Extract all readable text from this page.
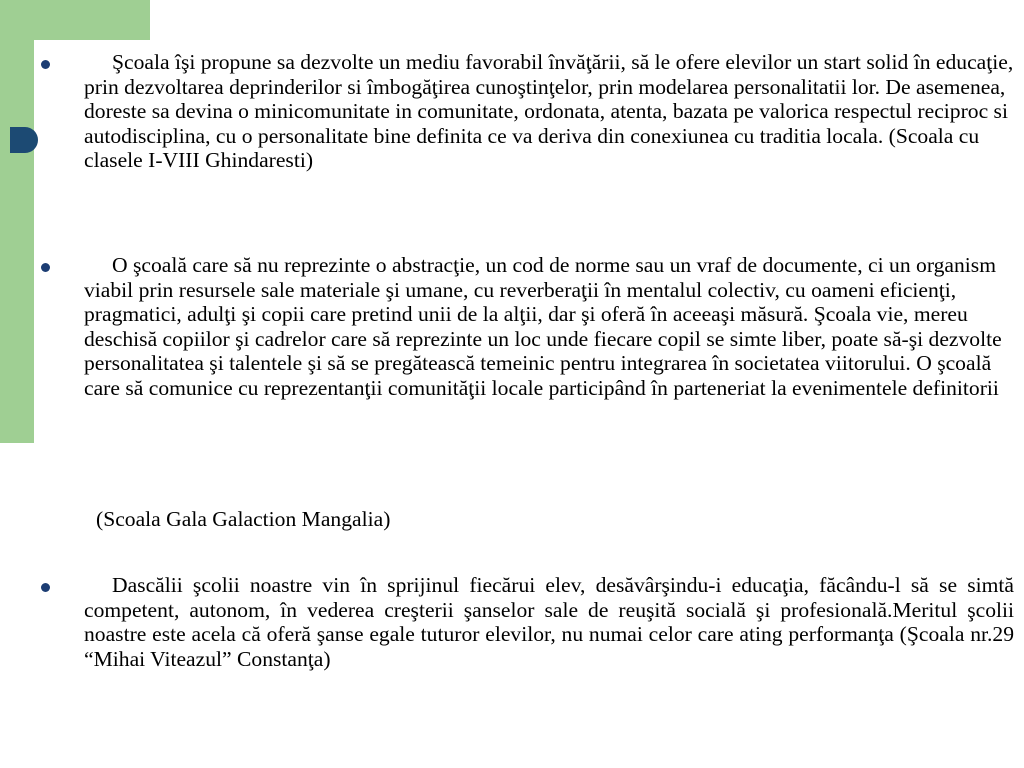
Şcoala îşi propune sa dezvolte un mediu favorabil învăţării, să le ofere elevilor un start solid în educaţie, prin dezvoltarea deprinderilor si îmbogăţirea cunoştinţelor, prin modelarea personalitatii lor. De asemenea, doreste sa devina o minicomunitate in comunitate, ordonata, atenta, bazata pe valorica respectul reciproc si autodisciplina, cu o personalitate bine definita ce va deriva din conexiunea cu traditia locala. (Scoala cu clasele I-VIII Ghindaresti)
O şcoală care să nu reprezinte o abstracţie, un cod de norme sau un vraf de documente, ci un organism viabil prin resursele sale materiale şi umane, cu reverberaţii în mentalul colectiv, cu oameni eficienţi, pragmatici, adulţi şi copii care pretind unii de la alţii, dar şi oferă în aceeaşi măsură. Şcoala vie, mereu deschisă copiilor şi cadrelor care să reprezinte un loc unde fiecare copil se simte liber, poate să-şi dezvolte personalitatea şi talentele şi să se pregătească temeinic pentru integrarea în societatea viitorului. O şcoală care să comunice cu reprezentanţii comunităţii locale participând în parteneriat la evenimentele definitorii
(Scoala Gala Galaction Mangalia)
Dascălii şcolii noastre vin în sprijinul fiecărui elev, desăvârşindu-i educaţia, făcându-l să se simtă competent, autonom, în vederea creşterii şanselor sale de reuşită socială şi profesională.Meritul şcolii noastre este acela că oferă şanse egale tuturor elevilor, nu numai celor care ating performanţa (Şcoala nr.29 “Mihai Viteazul” Constanţa)
